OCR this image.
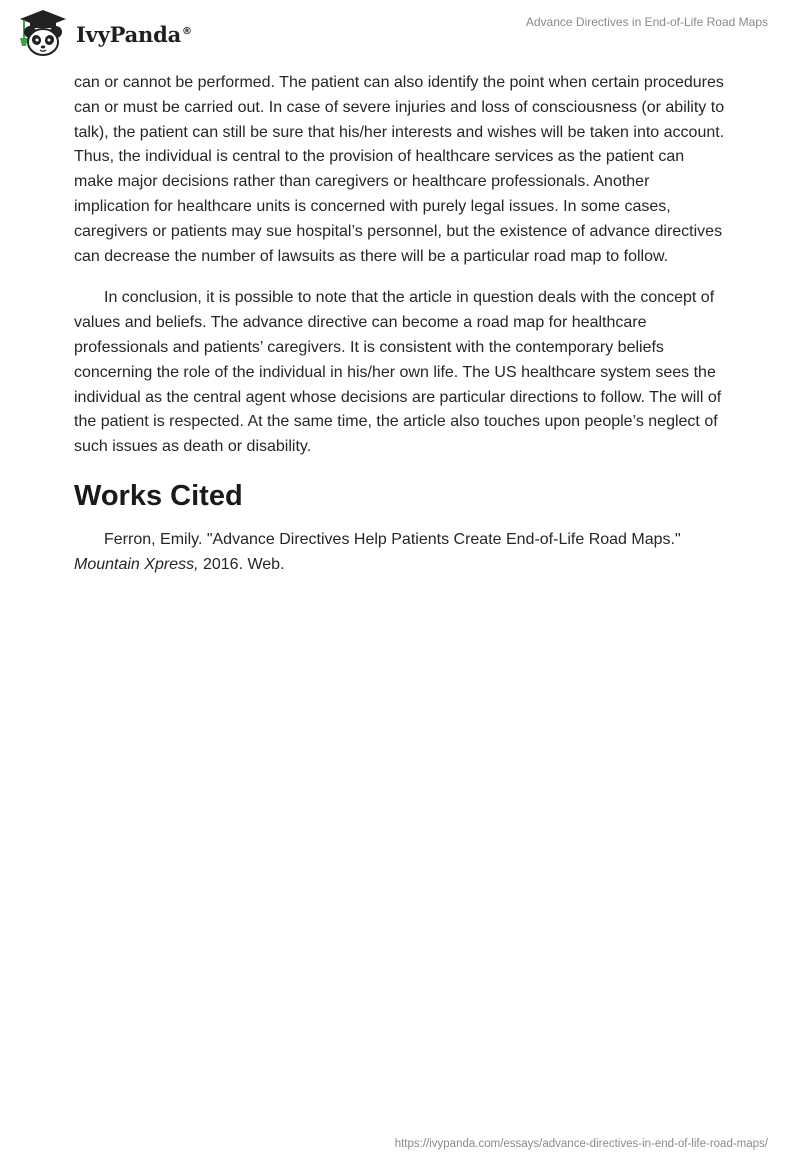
IvyPanda®
Advance Directives in End-of-Life Road Maps

can or cannot be performed. The patient can also identify the point when certain procedures can or must be carried out. In case of severe injuries and loss of consciousness (or ability to talk), the patient can still be sure that his/her interests and wishes will be taken into account. Thus, the individual is central to the provision of healthcare services as the patient can make major decisions rather than caregivers or healthcare professionals. Another implication for healthcare units is concerned with purely legal issues. In some cases, caregivers or patients may sue hospital’s personnel, but the existence of advance directives can decrease the number of lawsuits as there will be a particular road map to follow.

In conclusion, it is possible to note that the article in question deals with the concept of values and beliefs. The advance directive can become a road map for healthcare professionals and patients’ caregivers. It is consistent with the contemporary beliefs concerning the role of the individual in his/her own life. The US healthcare system sees the individual as the central agent whose decisions are particular directions to follow. The will of the patient is respected. At the same time, the article also touches upon people’s neglect of such issues as death or disability.

Works Cited

Ferron, Emily. "Advance Directives Help Patients Create End-of-Life Road Maps." Mountain Xpress, 2016. Web.

https://ivypanda.com/essays/advance-directives-in-end-of-life-road-maps/
